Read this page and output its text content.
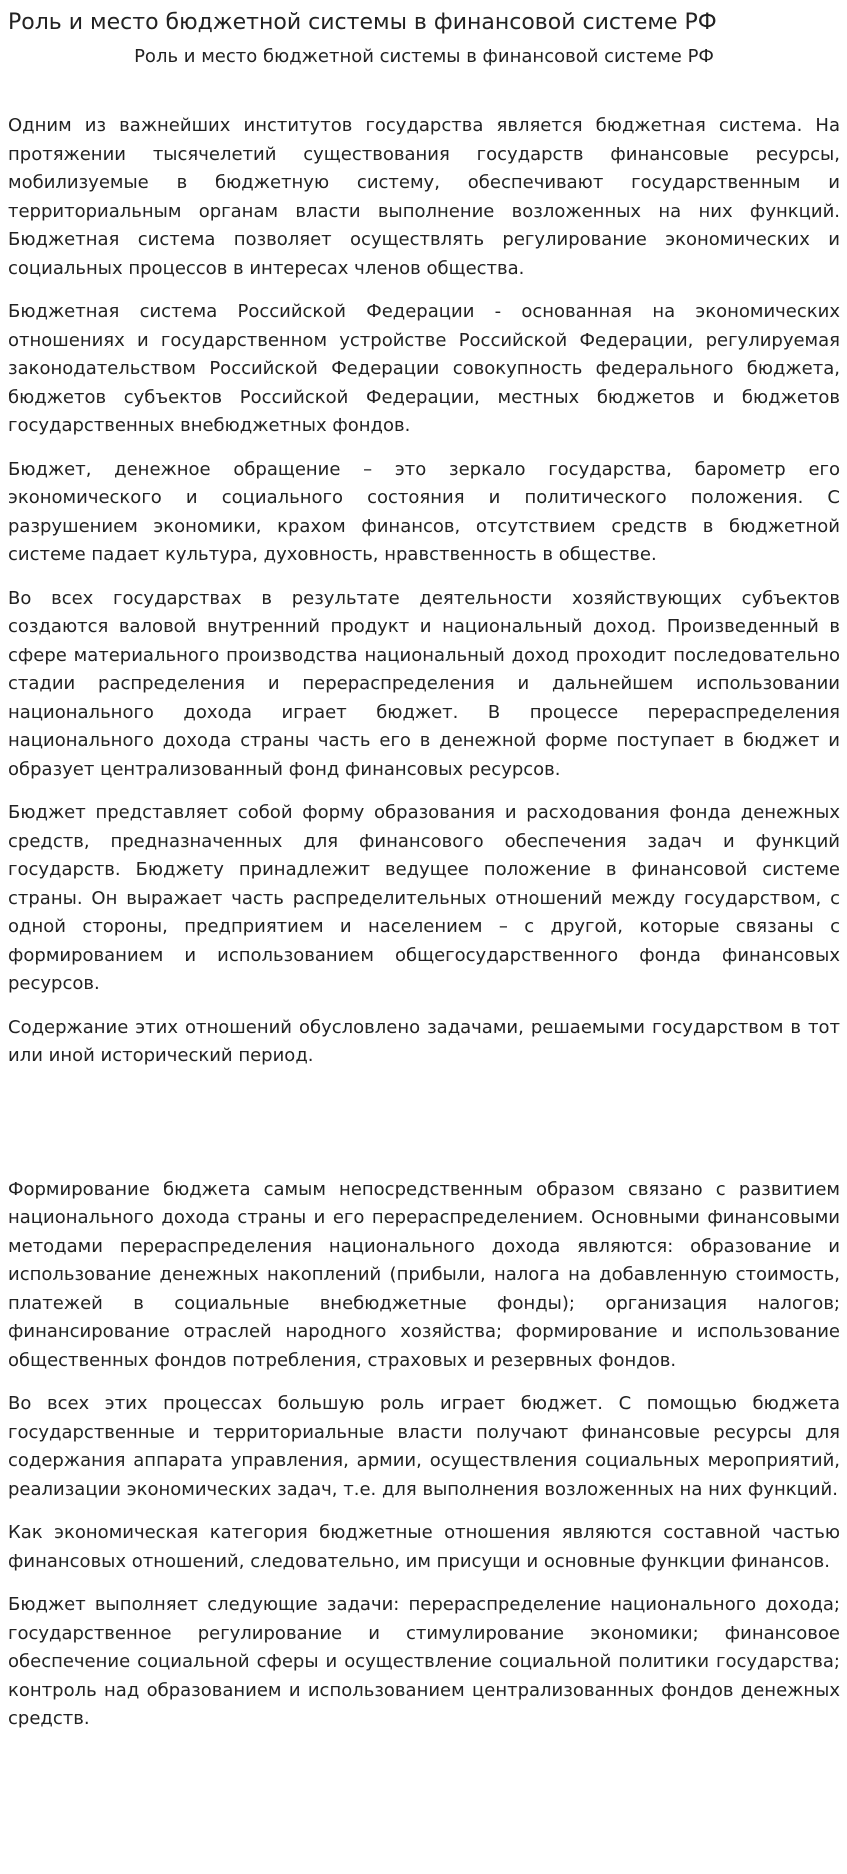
Роль и место бюджетной системы в финансовой системе РФ
Роль и место бюджетной системы в финансовой системе РФ

Одним из важнейших институтов государства является бюджетная система. На протяжении тысячелетий существования государств финансовые ресурсы, мобилизуемые в бюджетную систему, обеспечивают государственным и территориальным органам власти выполнение возложенных на них функций. Бюджетная система позволяет осуществлять регулирование экономических и социальных процессов в интересах членов общества.

Бюджетная система Российской Федерации - основанная на экономических отношениях и государственном устройстве Российской Федерации, регулируемая законодательством Российской Федерации совокупность федерального бюджета, бюджетов субъектов Российской Федерации, местных бюджетов и бюджетов государственных внебюджетных фондов.

Бюджет, денежное обращение – это зеркало государства, барометр его экономического и социального состояния и политического положения. С разрушением экономики, крахом финансов, отсутствием средств в бюджетной системе падает культура, духовность, нравственность в обществе.

Во всех государствах в результате деятельности хозяйствующих субъектов создаются валовой внутренний продукт и национальный доход. Произведенный в сфере материального производства национальный доход проходит последовательно стадии распределения и перераспределения и дальнейшем использовании национального дохода играет бюджет. В процессе перераспределения национального дохода страны часть его в денежной форме поступает в бюджет и образует централизованный фонд финансовых ресурсов.

Бюджет представляет собой форму образования и расходования фонда денежных средств, предназначенных для финансового обеспечения задач и функций государств. Бюджету принадлежит ведущее положение в финансовой системе страны. Он выражает часть распределительных отношений между государством, с одной стороны, предприятием и населением – с другой, которые связаны с формированием и использованием общегосударственного фонда финансовых ресурсов.

Содержание этих отношений обусловлено задачами, решаемыми государством в тот или иной исторический период.

Формирование бюджета самым непосредственным образом связано с развитием национального дохода страны и его перераспределением. Основными финансовыми методами перераспределения национального дохода являются: образование и использование денежных накоплений (прибыли, налога на добавленную стоимость, платежей в социальные внебюджетные фонды); организация налогов; финансирование отраслей народного хозяйства; формирование и использование общественных фондов потребления, страховых и резервных фондов.

Во всех этих процессах большую роль играет бюджет. С помощью бюджета государственные и территориальные власти получают финансовые ресурсы для содержания аппарата управления, армии, осуществления социальных мероприятий, реализации экономических задач, т.е. для выполнения возложенных на них функций.

Как экономическая категория бюджетные отношения являются составной частью финансовых отношений, следовательно, им присущи и основные функции финансов.

Бюджет выполняет следующие задачи: перераспределение национального дохода; государственное регулирование и стимулирование экономики; финансовое обеспечение социальной сферы и осуществление социальной политики государства; контроль над образованием и использованием централизованных фондов денежных средств.
